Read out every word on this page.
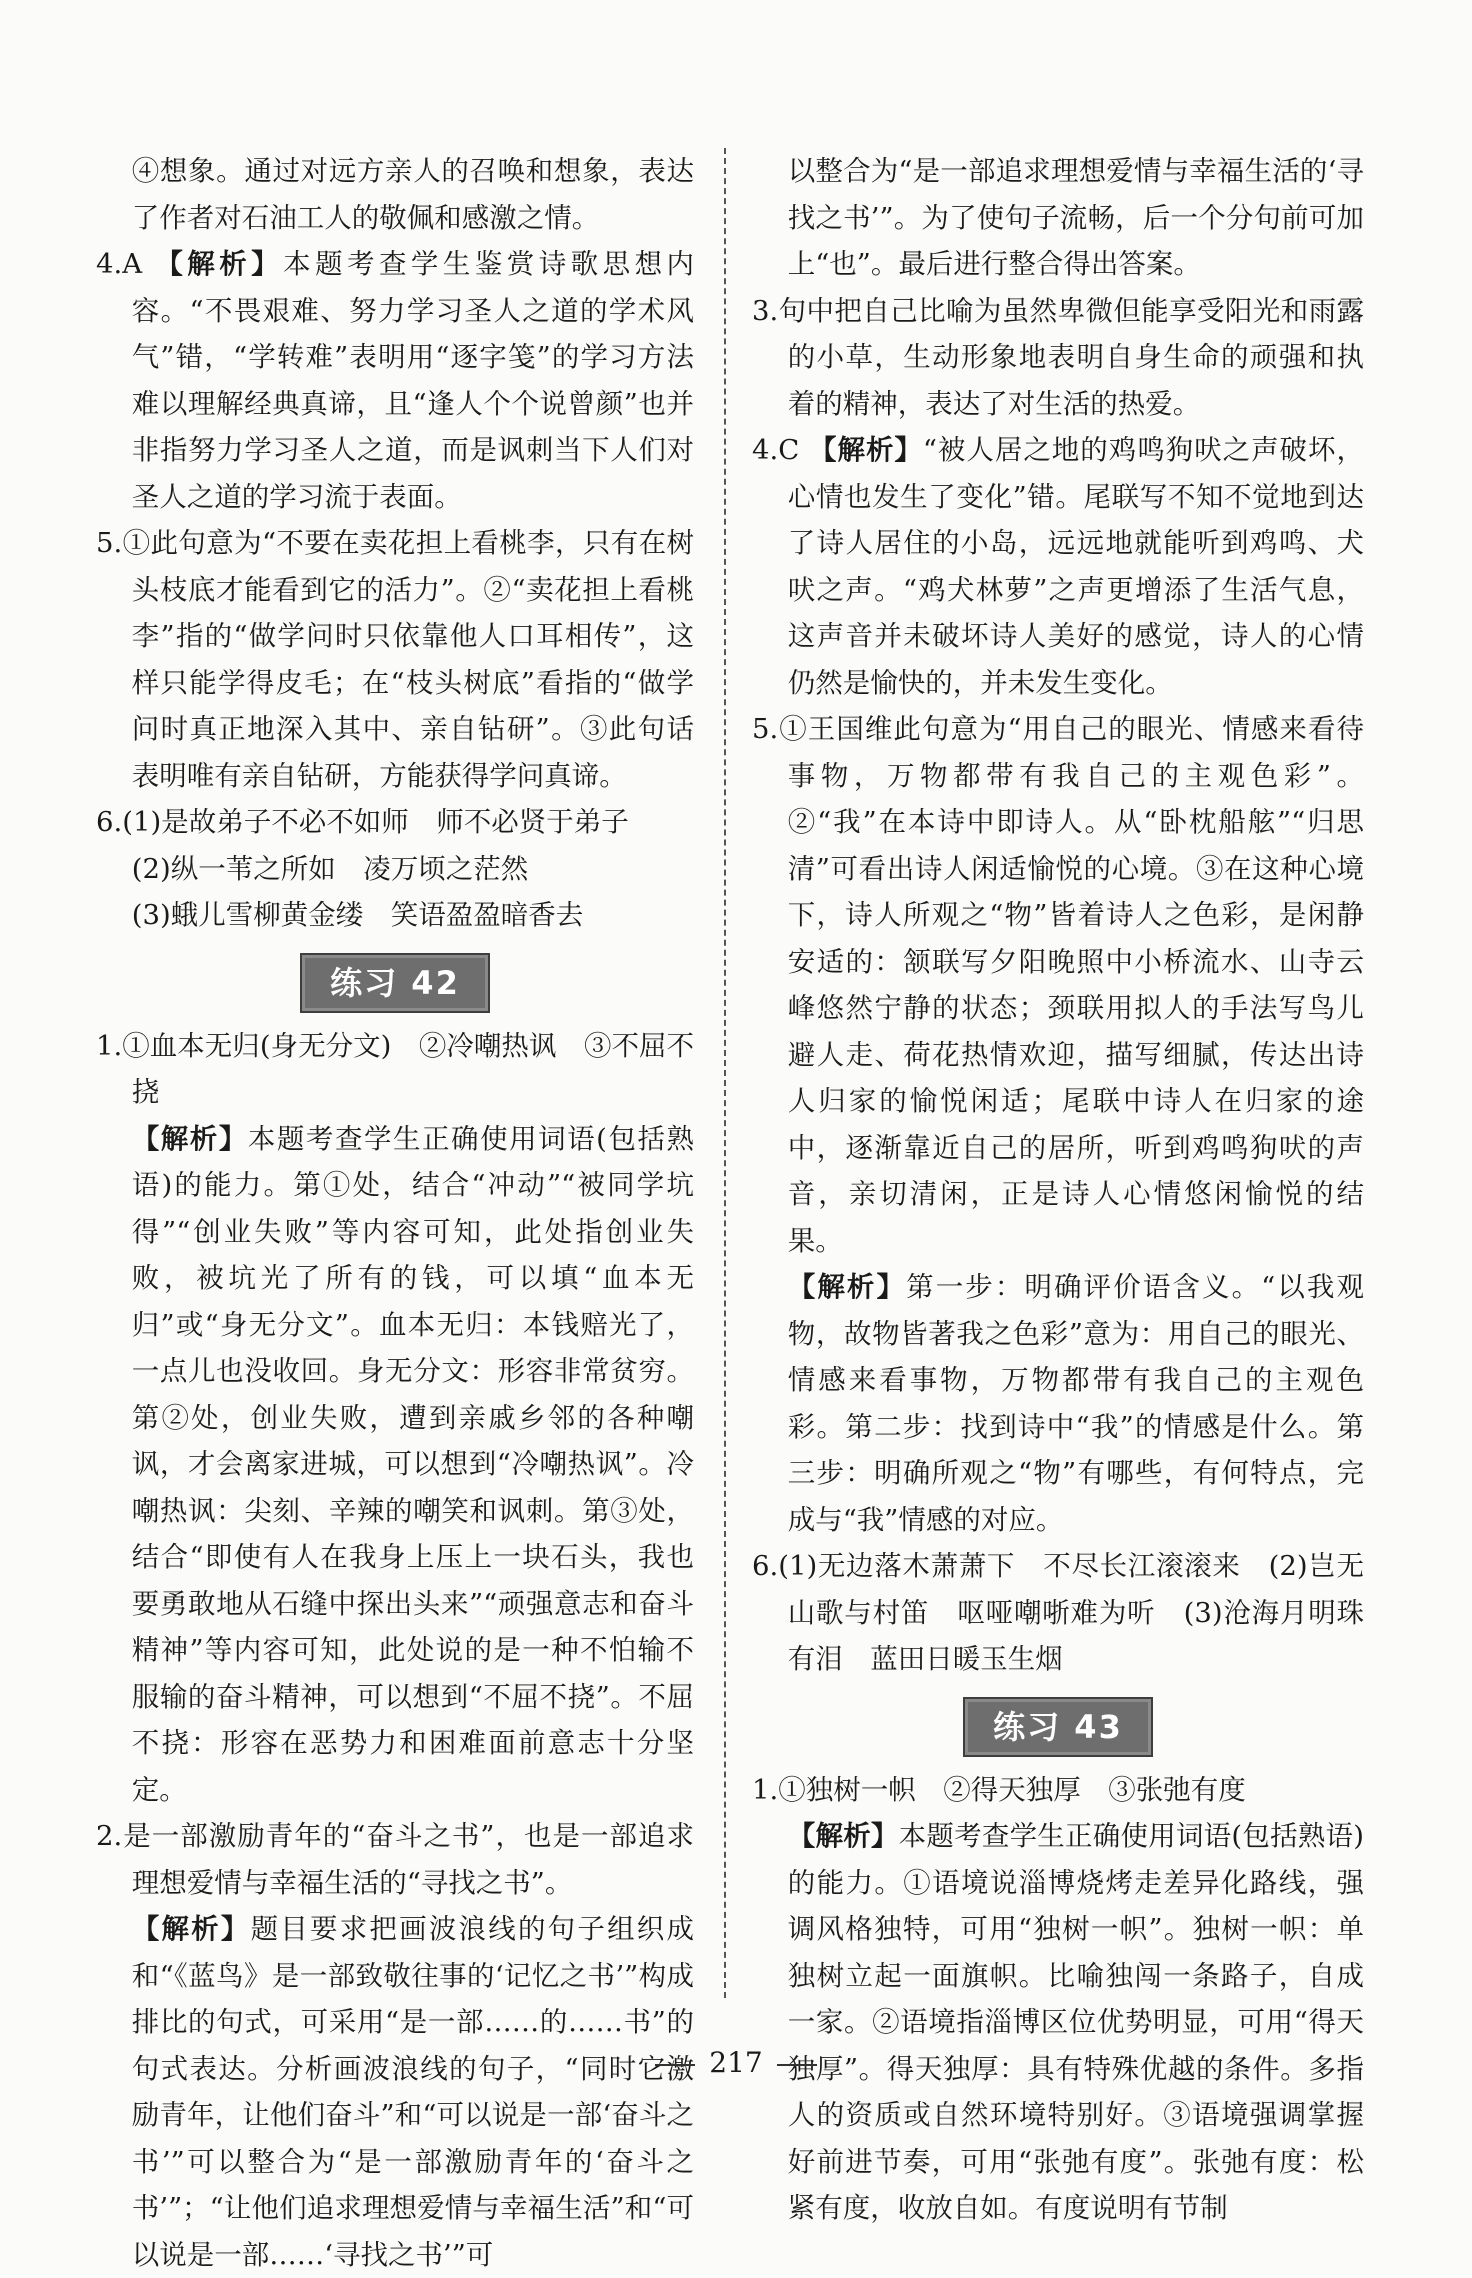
④想象。通过对远方亲人的召唤和想象，表达了作者对石油工人的敬佩和感激之情。

4.A 【解析】本题考查学生鉴赏诗歌思想内容。“不畏艰难、努力学习圣人之道的学术风气”错，“学转难”表明用“逐字笺”的学习方法难以理解经典真谛，且“逢人个个说曾颜”也并非指努力学习圣人之道，而是讽刺当下人们对圣人之道的学习流于表面。

5.①此句意为“不要在卖花担上看桃李，只有在树头枝底才能看到它的活力”。②“卖花担上看桃李”指的“做学问时只依靠他人口耳相传”，这样只能学得皮毛；在“枝头树底”看指的“做学问时真正地深入其中、亲自钻研”。③此句话表明唯有亲自钻研，方能获得学问真谛。

6.(1)是故弟子不必不如师　师不必贤于弟子

(2)纵一苇之所如　凌万顷之茫然

(3)蛾儿雪柳黄金缕　笑语盈盈暗香去

练习 42

1.①血本无归(身无分文)　②冷嘲热讽　③不屈不挠

【解析】本题考查学生正确使用词语(包括熟语)的能力。第①处，结合“冲动”“被同学坑得”“创业失败”等内容可知，此处指创业失败，被坑光了所有的钱，可以填“血本无归”或“身无分文”。血本无归：本钱赔光了，一点儿也没收回。身无分文：形容非常贫穷。第②处，创业失败，遭到亲戚乡邻的各种嘲讽，才会离家进城，可以想到“冷嘲热讽”。冷嘲热讽：尖刻、辛辣的嘲笑和讽刺。第③处，结合“即使有人在我身上压上一块石头，我也要勇敢地从石缝中探出头来”“顽强意志和奋斗精神”等内容可知，此处说的是一种不怕输不服输的奋斗精神，可以想到“不屈不挠”。不屈不挠：形容在恶势力和困难面前意志十分坚定。

2.是一部激励青年的“奋斗之书”，也是一部追求理想爱情与幸福生活的“寻找之书”。

【解析】题目要求把画波浪线的句子组织成和“《蓝鸟》是一部致敬往事的‘记忆之书’”构成排比的句式，可采用“是一部……的……书”的句式表达。分析画波浪线的句子，“同时它激励青年，让他们奋斗”和“可以说是一部‘奋斗之书’”可以整合为“是一部激励青年的‘奋斗之书’”；“让他们追求理想爱情与幸福生活”和“可以说是一部……‘寻找之书’”可

以整合为“是一部追求理想爱情与幸福生活的‘寻找之书’”。为了使句子流畅，后一个分句前可加上“也”。最后进行整合得出答案。

3.句中把自己比喻为虽然卑微但能享受阳光和雨露的小草，生动形象地表明自身生命的顽强和执着的精神，表达了对生活的热爱。

4.C 【解析】“被人居之地的鸡鸣狗吠之声破坏，心情也发生了变化”错。尾联写不知不觉地到达了诗人居住的小岛，远远地就能听到鸡鸣、犬吠之声。“鸡犬林萝”之声更增添了生活气息，这声音并未破坏诗人美好的感觉，诗人的心情仍然是愉快的，并未发生变化。

5.①王国维此句意为“用自己的眼光、情感来看待事物，万物都带有我自己的主观色彩”。②“我”在本诗中即诗人。从“卧枕船舷”“归思清”可看出诗人闲适愉悦的心境。③在这种心境下，诗人所观之“物”皆着诗人之色彩，是闲静安适的：颔联写夕阳晚照中小桥流水、山寺云峰悠然宁静的状态；颈联用拟人的手法写鸟儿避人走、荷花热情欢迎，描写细腻，传达出诗人归家的愉悦闲适；尾联中诗人在归家的途中，逐渐靠近自己的居所，听到鸡鸣狗吠的声音，亲切清闲，正是诗人心情悠闲愉悦的结果。

【解析】第一步：明确评价语含义。“以我观物，故物皆著我之色彩”意为：用自己的眼光、情感来看事物，万物都带有我自己的主观色彩。第二步：找到诗中“我”的情感是什么。第三步：明确所观之“物”有哪些，有何特点，完成与“我”情感的对应。

6.(1)无边落木萧萧下　不尽长江滚滚来　(2)岂无山歌与村笛　呕哑嘲哳难为听　(3)沧海月明珠有泪　蓝田日暖玉生烟

练习 43

1.①独树一帜　②得天独厚　③张弛有度

【解析】本题考查学生正确使用词语(包括熟语)的能力。①语境说淄博烧烤走差异化路线，强调风格独特，可用“独树一帜”。独树一帜：单独树立起一面旗帜。比喻独闯一条路子，自成一家。②语境指淄博区位优势明显，可用“得天独厚”。得天独厚：具有特殊优越的条件。多指人的资质或自然环境特别好。③语境强调掌握好前进节奏，可用“张弛有度”。张弛有度：松紧有度，收放自如。有度说明有节制

217
